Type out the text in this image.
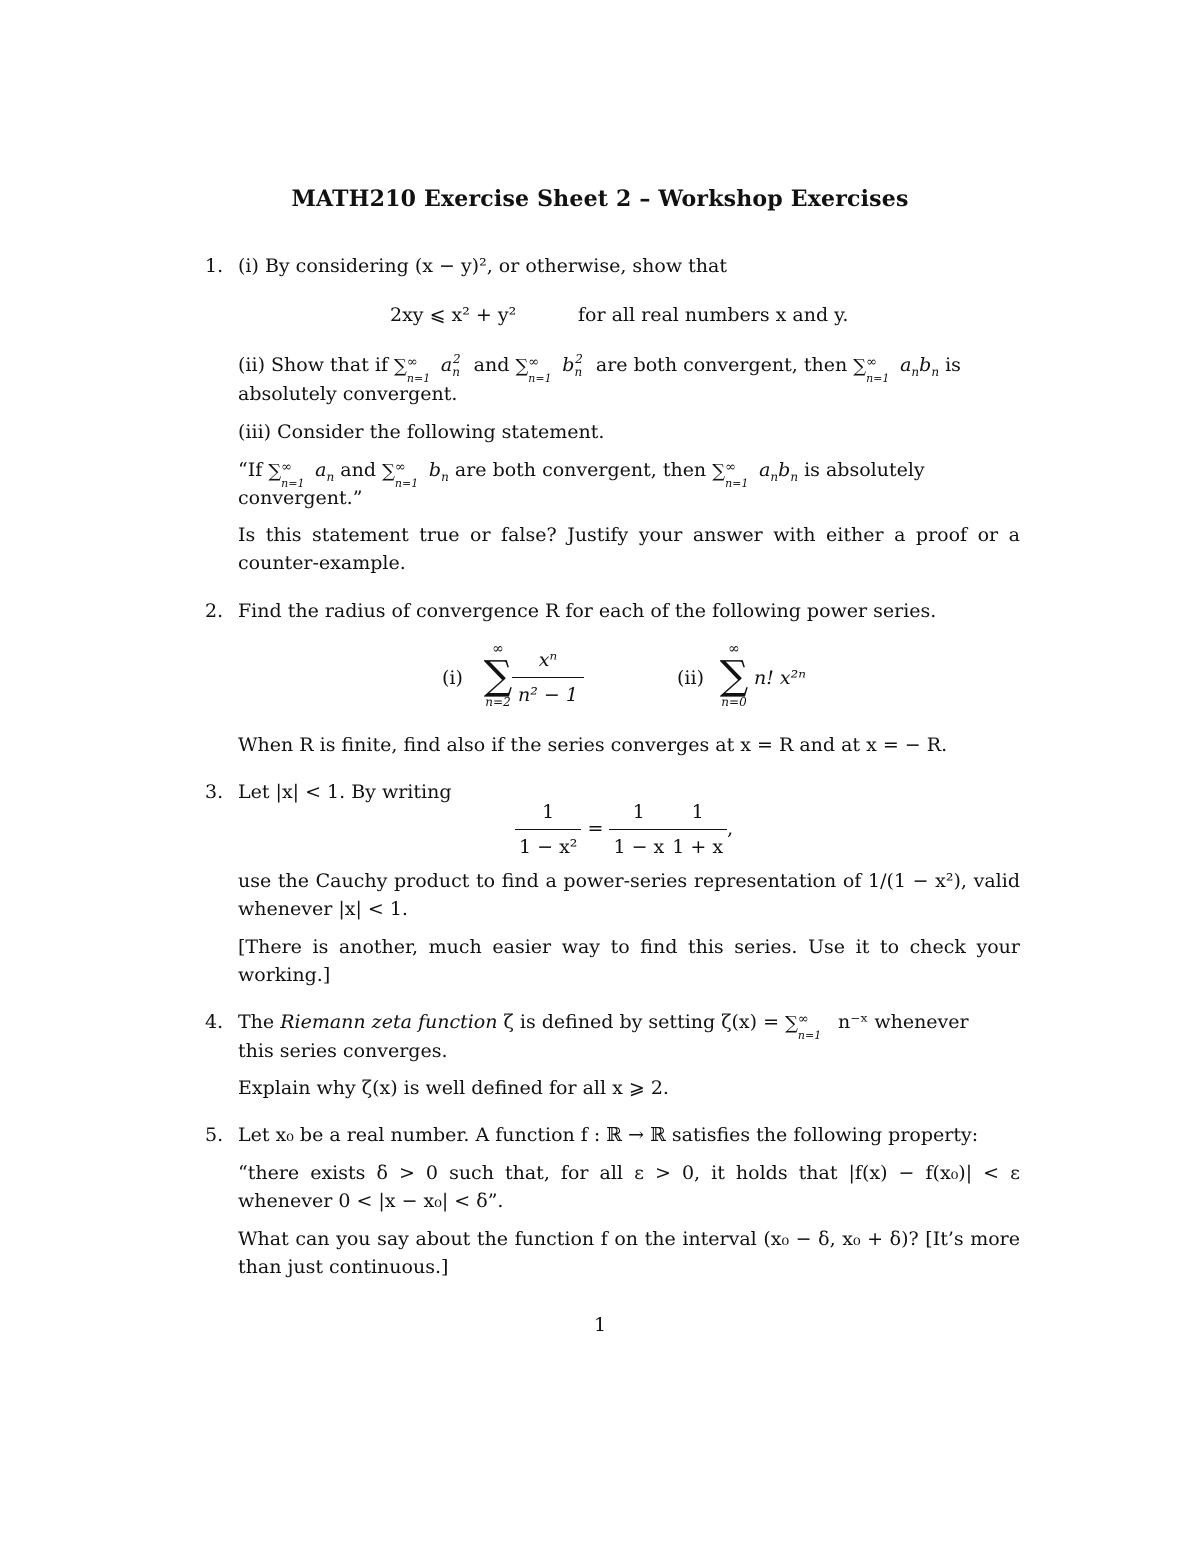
MATH210 Exercise Sheet 2 – Workshop Exercises
1. (i) By considering (x − y)², or otherwise, show that
2xy ⩽ x² + y²	for all real numbers x and y.
(ii) Show that if ∑ ∞
n=1
$a_n^2$ and ∑ ∞
n=1
$b_n^2$ are both convergent, then ∑ ∞
n=1
$a_nb_n$ is
absolutely convergent.
(iii) Consider the following statement.
“If ∑ ∞
n=1
$a_n$ and ∑ ∞
n=1
$b_n$ are both convergent, then ∑ ∞
n=1
$a_nb_n$ is absolutely
convergent.”
Is this statement true or false? Justify your answer with either a proof or a counter-example.
2. Find the radius of convergence R for each of the following power series.
(i)
∞
∑
$n=2 \frac{\text{xⁿ}}{\text{n² − 1}}$	(ii)
∞
∑
n=0
n! x²ⁿ
When R is finite, find also if the series converges at x = R and at x = − R.
3. Let |x| < 1. By writing
$\frac{1}{\text{1 − x²}} = \frac{1}{1 - x} \frac{1}{1 + x}$ ,
use the Cauchy product to find a power-series representation of 1/(1 − x²), valid whenever |x| < 1.
[There is another, much easier way to find this series. Use it to check your working.]
4. The Riemann zeta function ζ is defined by setting ζ(x) = ∑ ∞
n=1
n⁻ˣ whenever
this series converges.
Explain why ζ(x) is well defined for all x ⩾ 2.
5. Let x₀ be a real number. A function f : ℝ → ℝ satisfies the following property:
“there exists δ > 0 such that, for all ε > 0, it holds that |f(x) − f(x₀)| < ε whenever 0 < |x − x₀| < δ”.
What can you say about the function f on the interval (x₀ − δ, x₀ + δ)? [It’s more than just continuous.]
1
